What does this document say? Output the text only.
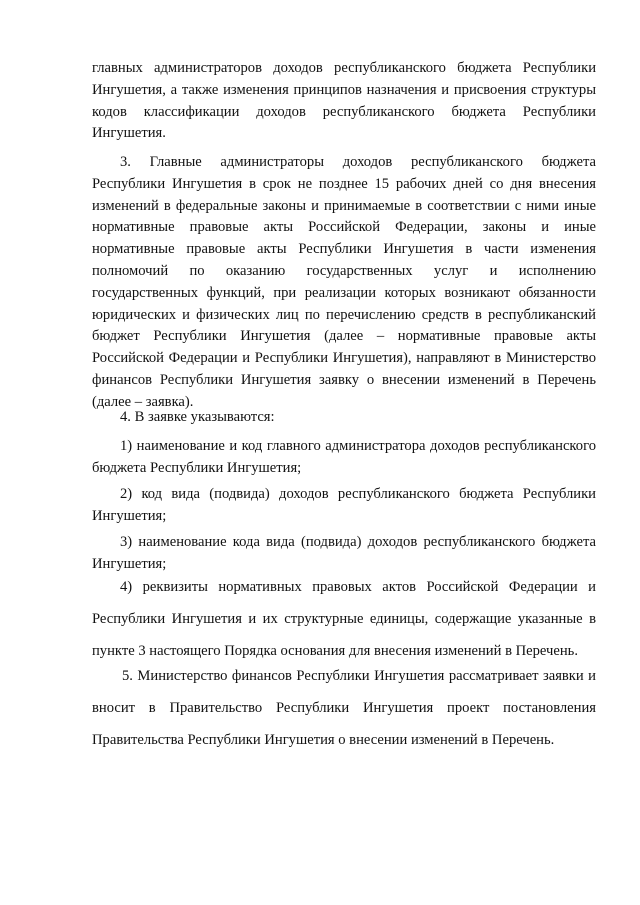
главных администраторов доходов республиканского бюджета Республики Ингушетия, а также изменения принципов назначения и присвоения структуры кодов классификации доходов республиканского бюджета Республики Ингушетия.

3. Главные администраторы доходов республиканского бюджета Республики Ингушетия в срок не позднее 15 рабочих дней со дня внесения изменений в федеральные законы и принимаемые в соответствии с ними иные нормативные правовые акты Российской Федерации, законы и иные нормативные правовые акты Республики Ингушетия в части изменения полномочий по оказанию государственных услуг и исполнению государственных функций, при реализации которых возникают обязанности юридических и физических лиц по перечислению средств в республиканский бюджет Республики Ингушетия (далее – нормативные правовые акты Российской Федерации и Республики Ингушетия), направляют в Министерство финансов Республики Ингушетия заявку о внесении изменений в Перечень (далее – заявка).

4. В заявке указываются:

1) наименование и код главного администратора доходов республиканского бюджета Республики Ингушетия;

2) код вида (подвида) доходов республиканского бюджета Республики Ингушетия;

3) наименование кода вида (подвида) доходов республиканского бюджета Ингушетия;

4) реквизиты нормативных правовых актов Российской Федерации и Республики Ингушетия и их структурные единицы, содержащие указанные в пункте 3 настоящего Порядка основания для внесения изменений в Перечень.

5. Министерство финансов Республики Ингушетия рассматривает заявки и вносит в Правительство Республики Ингушетия проект постановления Правительства Республики Ингушетия о внесении изменений в Перечень.
